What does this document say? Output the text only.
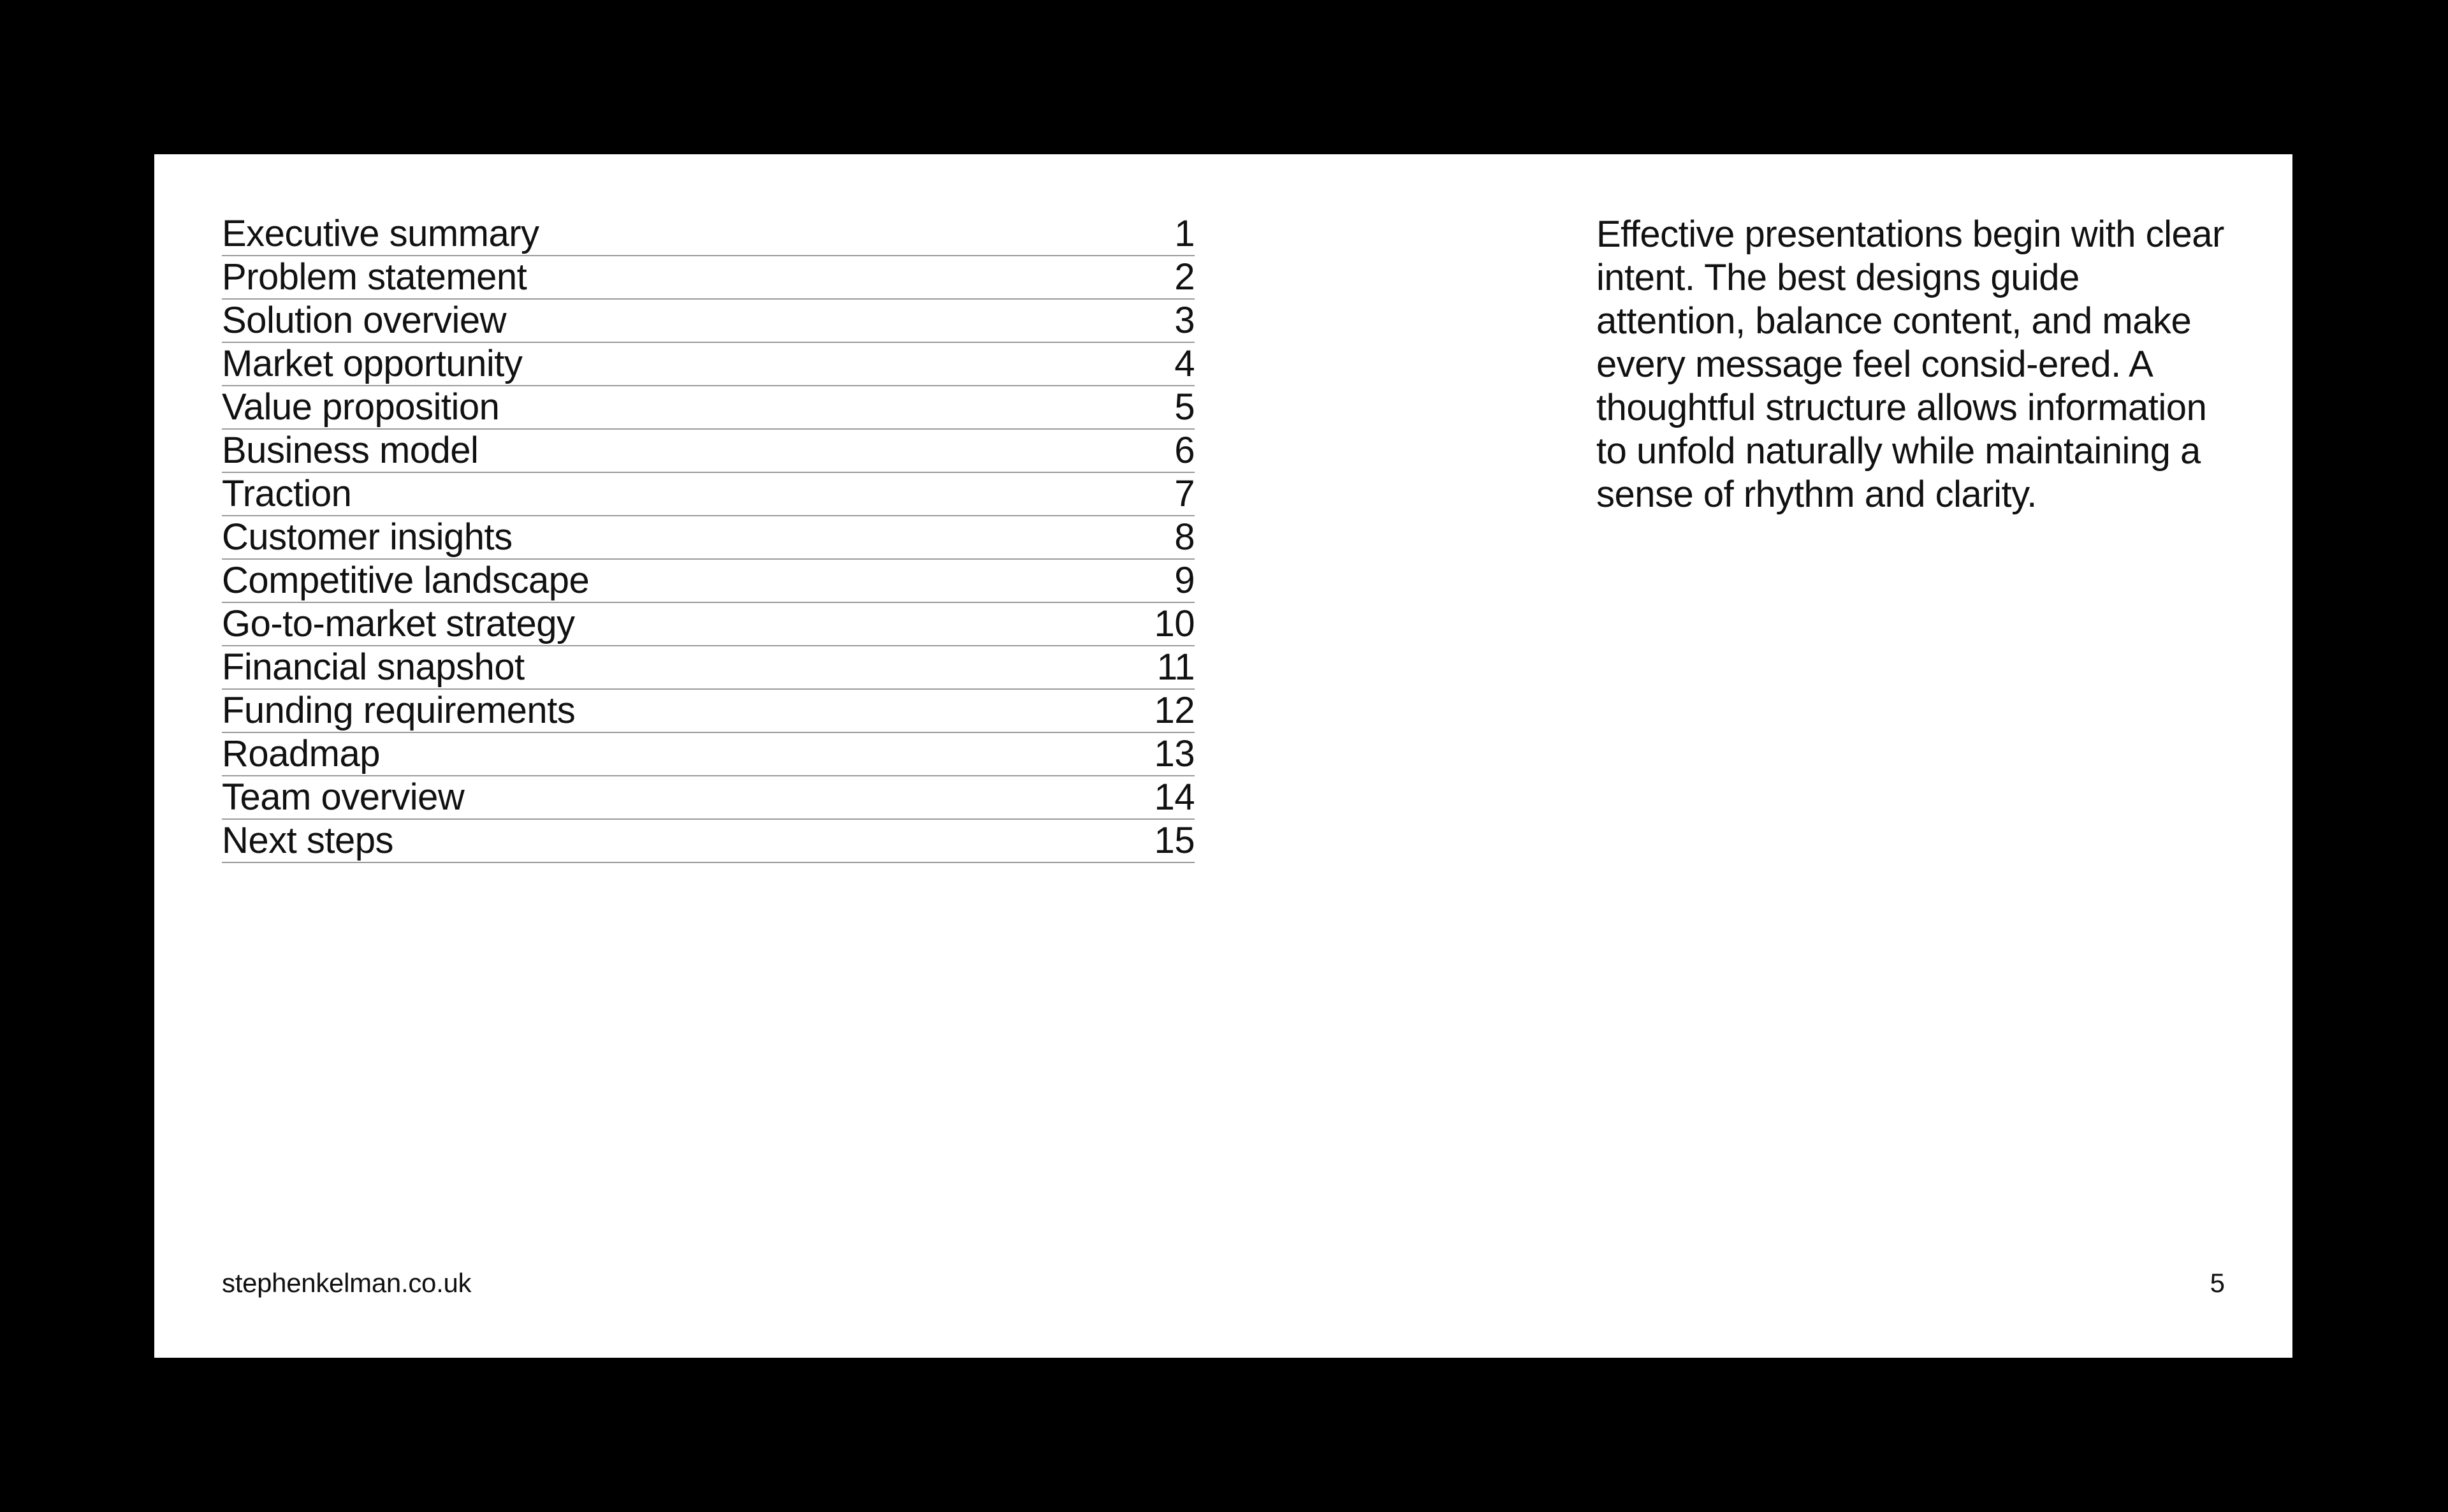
Executive summary	1
Problem statement	2
Solution overview	3
Market opportunity	4
Value proposition	5
Business model	6
Traction	7
Customer insights	8
Competitive landscape	9
Go-to-market strategy	10
Financial snapshot	11
Funding requirements	12
Roadmap	13
Team overview	14
Next steps	15

Effective presentations begin with clear intent. The best designs guide attention, balance content, and make every message feel consid-ered. A thoughtful structure allows information to unfold naturally while maintaining a sense of rhythm and clarity.

stephenkelman.co.uk	5
